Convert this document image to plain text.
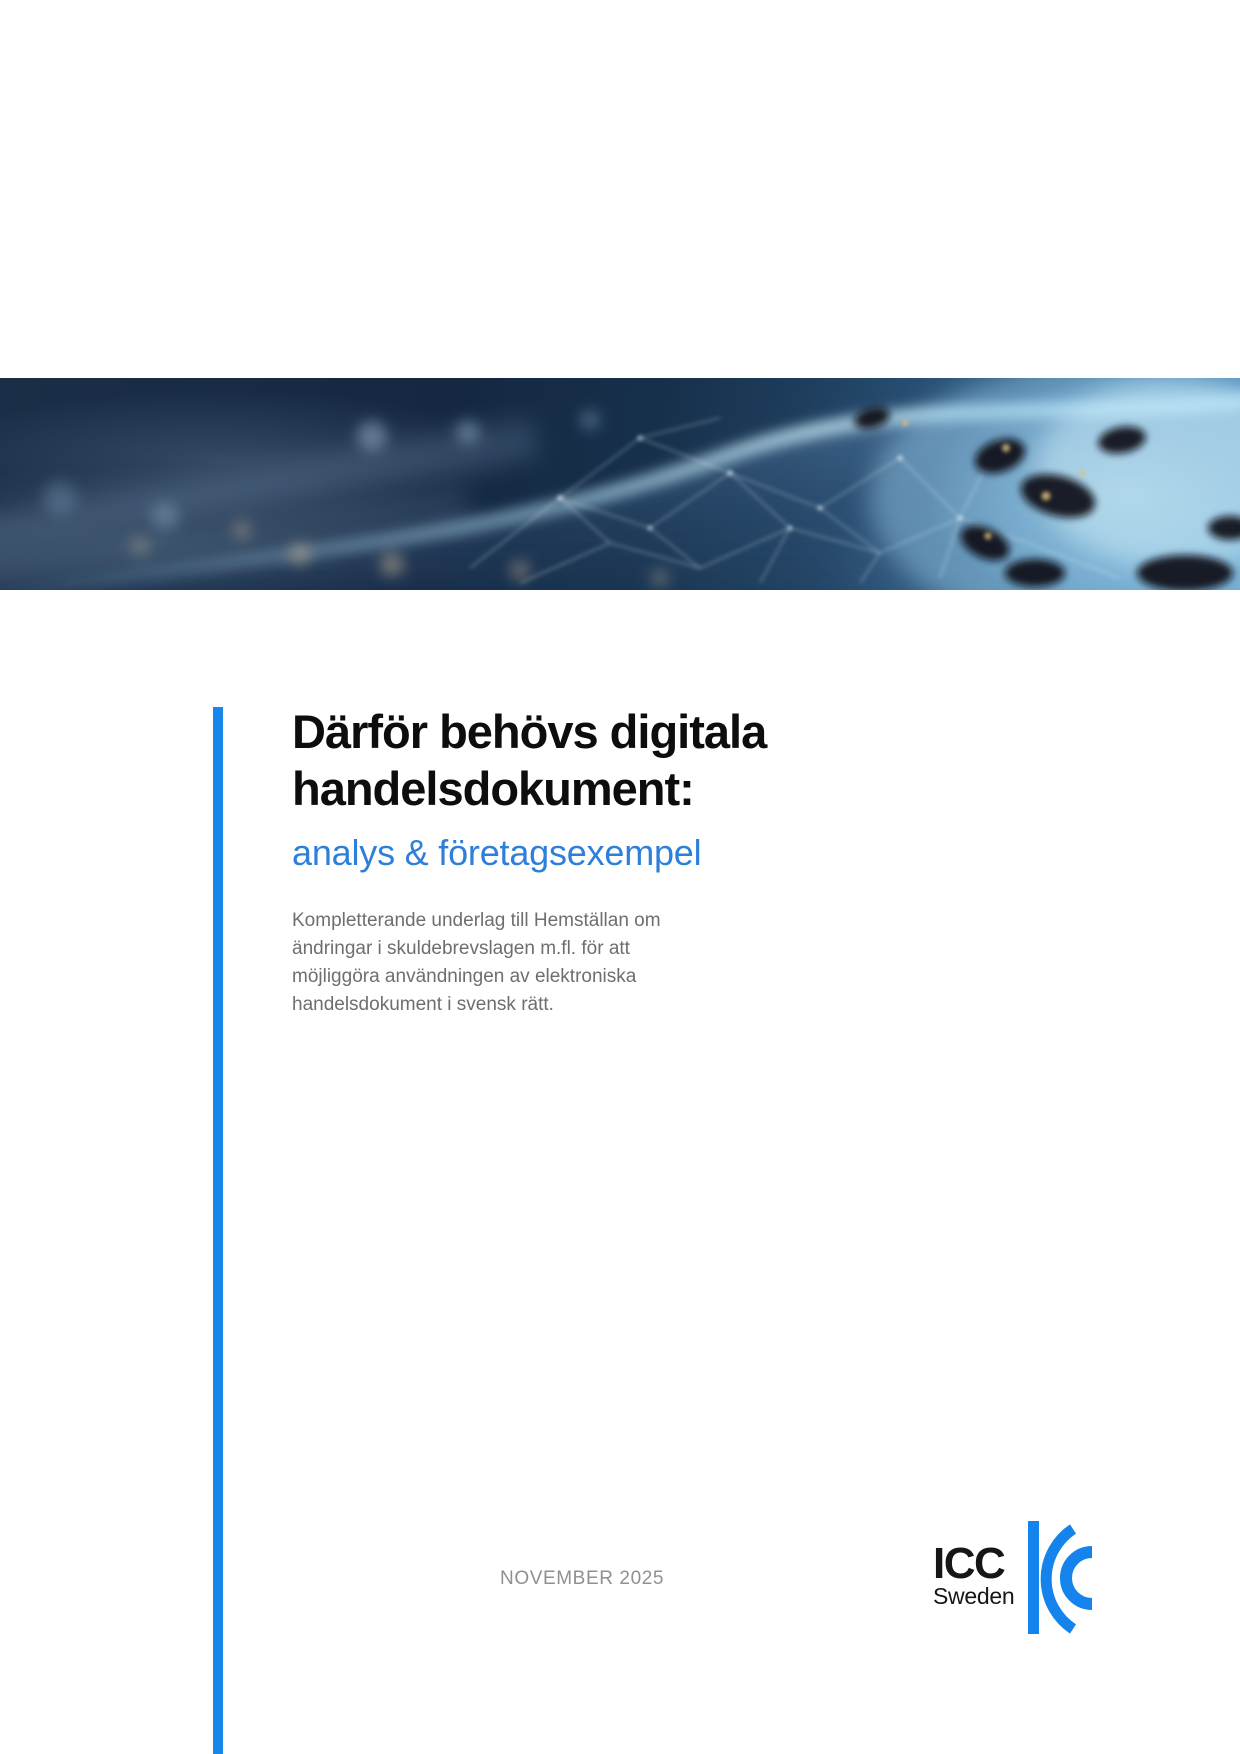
Därför behövs digitala
handelsdokument:
analys & företagsexempel

Kompletterande underlag till Hemställan om
ändringar i skuldebrevslagen m.fl. för att
möjliggöra användningen av elektroniska
handelsdokument i svensk rätt.

NOVEMBER 2025	ICC
Sweden
